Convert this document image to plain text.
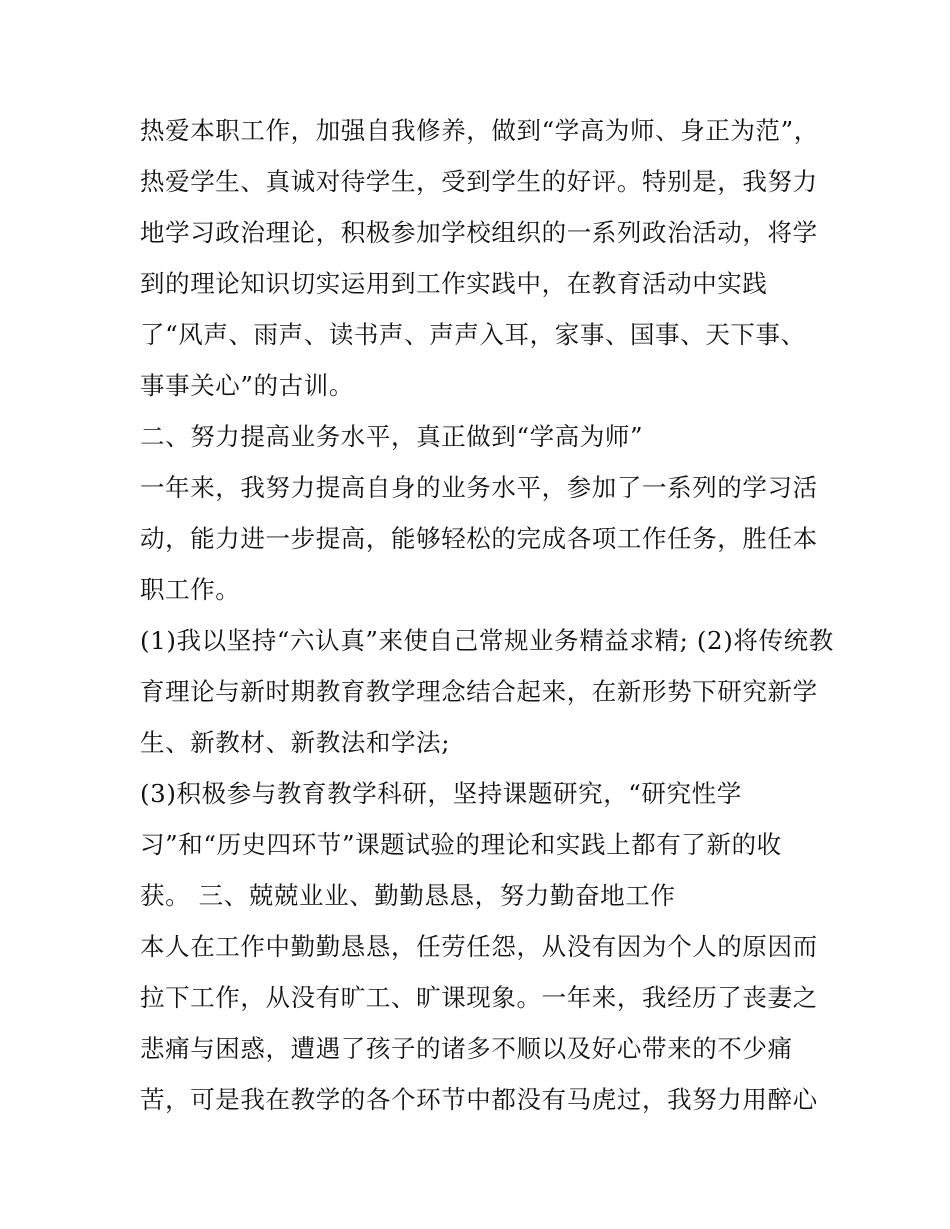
热爱本职工作，加强自我修养，做到“学高为师、身正为范”，
热爱学生、真诚对待学生，受到学生的好评。特别是，我努力
地学习政治理论，积极参加学校组织的一系列政治活动，将学
到的理论知识切实运用到工作实践中，在教育活动中实践
了“风声、雨声、读书声、声声入耳，家事、国事、天下事、
事事关心”的古训。
二、努力提高业务水平，真正做到“学高为师”
一年来，我努力提高自身的业务水平，参加了一系列的学习活
动，能力进一步提高，能够轻松的完成各项工作任务，胜任本
职工作。
(1)我以坚持“六认真”来使自己常规业务精益求精; (2)将传统教
育理论与新时期教育教学理念结合起来，在新形势下研究新学
生、新教材、新教法和学法;
(3)积极参与教育教学科研，坚持课题研究，“研究性学
习”和“历史四环节”课题试验的理论和实践上都有了新的收
获。 三、兢兢业业、勤勤恳恳，努力勤奋地工作
本人在工作中勤勤恳恳，任劳任怨，从没有因为个人的原因而
拉下工作，从没有旷工、旷课现象。一年来，我经历了丧妻之
悲痛与困惑，遭遇了孩子的诸多不顺以及好心带来的不少痛
苦，可是我在教学的各个环节中都没有马虎过，我努力用醉心
